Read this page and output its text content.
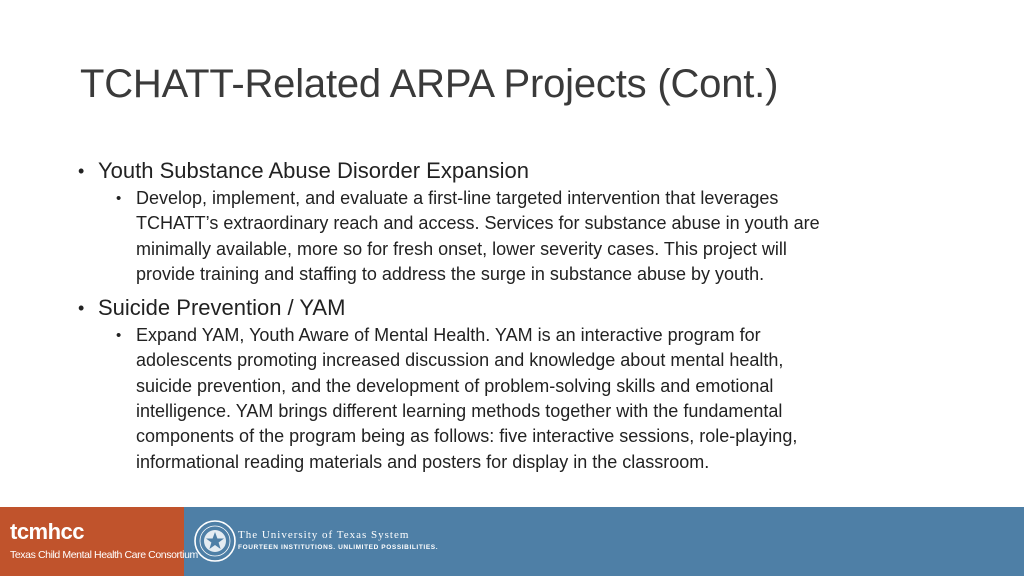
TCHATT-Related ARPA Projects (Cont.)
• Youth Substance Abuse Disorder Expansion
• Develop, implement, and evaluate a first-line targeted intervention that leverages
TCHATT’s extraordinary reach and access. Services for substance abuse in youth are
minimally available, more so for fresh onset, lower severity cases. This project will
provide training and staffing to address the surge in substance abuse by youth.
• Suicide Prevention / YAM
• Expand YAM, Youth Aware of Mental Health. YAM is an interactive program for
adolescents promoting increased discussion and knowledge about mental health,
suicide prevention, and the development of problem-solving skills and emotional
intelligence. YAM brings different learning methods together with the fundamental
components of the program being as follows: five interactive sessions, role-playing,
informational reading materials and posters for display in the classroom.
tcmhcc
Texas Child Mental Health Care Consortium
The University of Texas System
FOURTEEN INSTITUTIONS. UNLIMITED POSSIBILITIES.
